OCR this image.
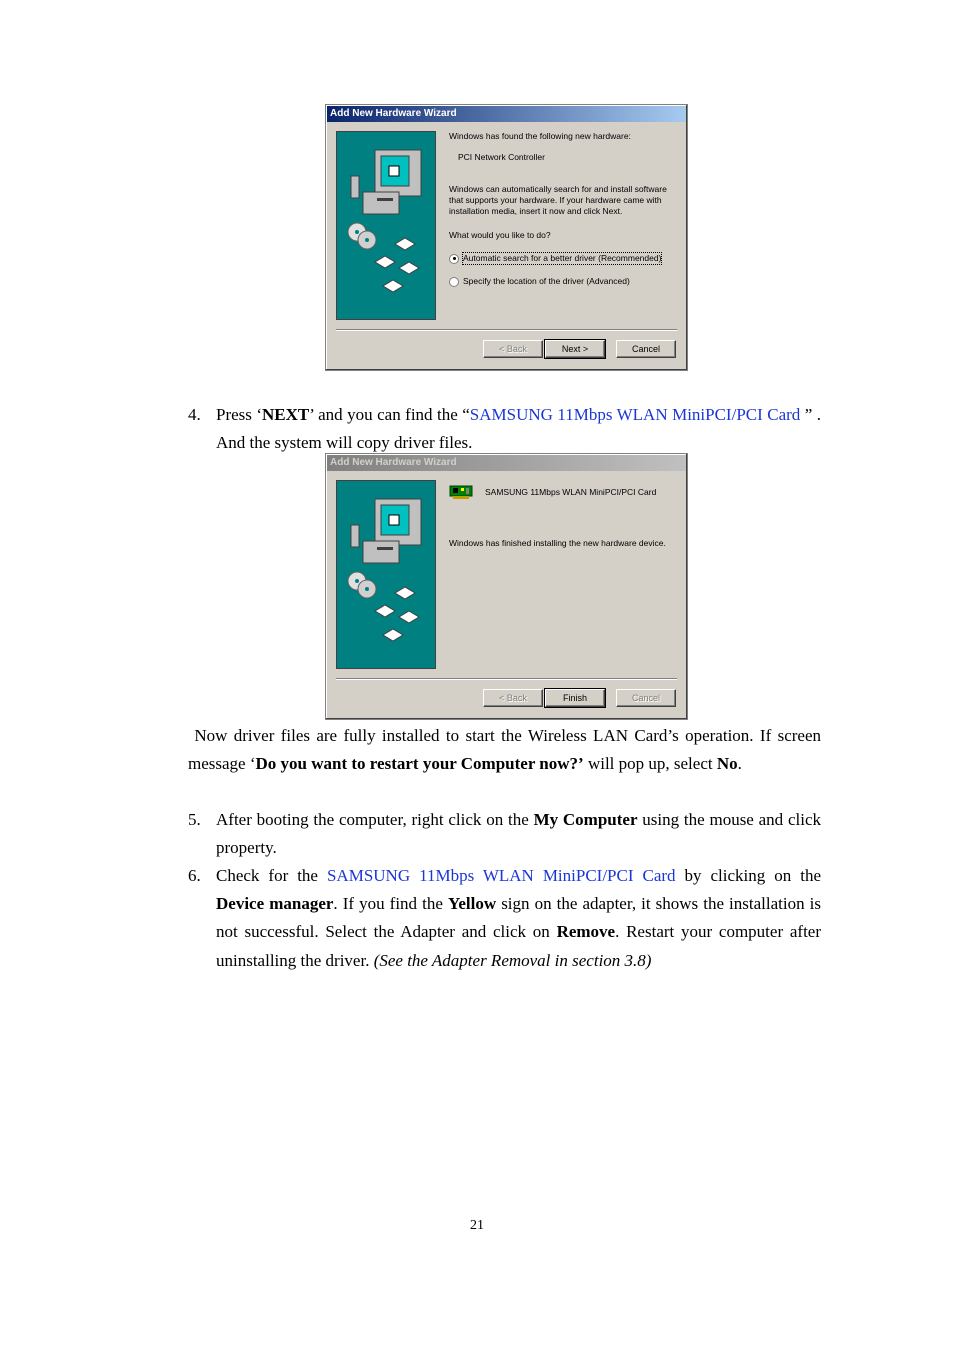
Add New Hardware Wizard
Windows has found the following new hardware:
PCI Network Controller
Windows can automatically search for and install software that supports your hardware. If your hardware came with installation media, insert it now and click Next.
What would you like to do?
Automatic search for a better driver (Recommended)
Specify the location of the driver (Advanced)
< Back	Next >	Cancel
4. Press ‘NEXT’ and you can find the “SAMSUNG 11Mbps WLAN MiniPCI/PCI Card ” . And the system will copy driver files.
Add New Hardware Wizard
SAMSUNG 11Mbps WLAN MiniPCI/PCI Card
Windows has finished installing the new hardware device.
< Back	Finish	Cancel
Now driver files are fully installed to start the Wireless LAN Card’s operation. If screen message ‘Do you want to restart your Computer now?’ will pop up, select No.
5. After booting the computer, right click on the My Computer using the mouse and click property.
6. Check for the SAMSUNG 11Mbps WLAN MiniPCI/PCI Card by clicking on the Device manager. If you find the Yellow sign on the adapter, it shows the installation is not successful. Select the Adapter and click on Remove. Restart your computer after uninstalling the driver. (See the Adapter Removal in section 3.8)
21
